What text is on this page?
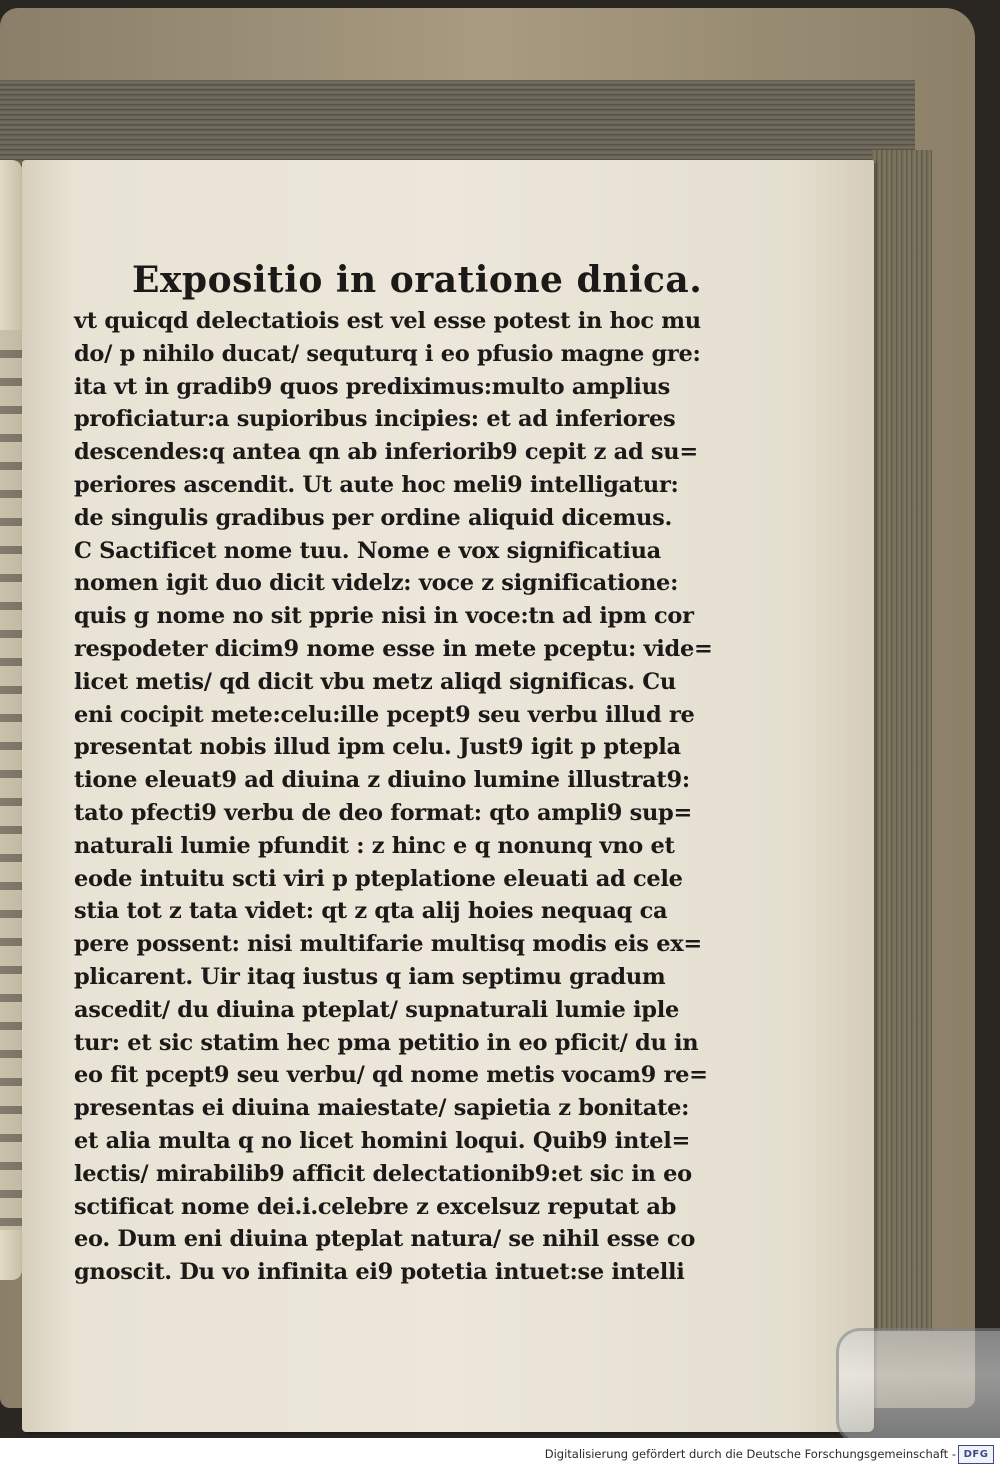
Expositio in oratione dnica.
vt quicqd delectatiois est vel esse potest in hoc mu
do/ p nihilo ducat/ sequturq i eo pfusio magne gre:
ita vt in gradib9 quos prediximus:multo amplius
proficiatur:a supioribus incipies: et ad inferiores
descendes:q antea qn ab inferiorib9 cepit z ad su=
periores ascendit. Ut aute hoc meli9 intelligatur:
de singulis gradibus per ordine aliquid dicemus.
C Sactificet nome tuu. Nome e vox significatiua
nomen igit duo dicit videlz: voce z significatione:
quis g nome no sit pprie nisi in voce:tn ad ipm cor
respodeter dicim9 nome esse in mete pceptu: vide=
licet metis/ qd dicit vbu metz aliqd significas. Cu
eni cocipit mete:celu:ille pcept9 seu verbu illud re
presentat nobis illud ipm celu. Just9 igit p pteplа
tione eleuat9 ad diuina z diuino lumine illustrat9:
tato pfecti9 verbu de deo format: qto ampli9 sup=
naturali lumie pfundit : z hinc e q nonunq vno et
eode intuitu scti viri p pteplatione eleuati ad cele
stia tot z tata videt: qt z qta alij hoies nequaq ca
pere possent: nisi multifarie multisq modis eis ex=
plicarent. Uir itaq iustus q iam septimu gradum
ascedit/ du diuina pteplat/ supnaturali lumie iple
tur: et sic statim hec pma petitio in eo pficit/ du in
eo fit pcept9 seu verbu/ qd nome metis vocam9 re=
presentas ei diuina maiestate/ sapietia z bonitate:
et alia multa q no licet homini loqui. Quib9 intel=
lectis/ mirabilib9 afficit delectationib9:et sic in eo
sctificat nome dei.i.celebre z excelsuz reputat ab
eo. Dum eni diuina pteplat natura/ se nihil esse co
gnoscit. Du vo infinita ei9 potetia intuet:se intelli
Digitalisierung gefördert durch die Deutsche Forschungsgemeinschaft - DFG
